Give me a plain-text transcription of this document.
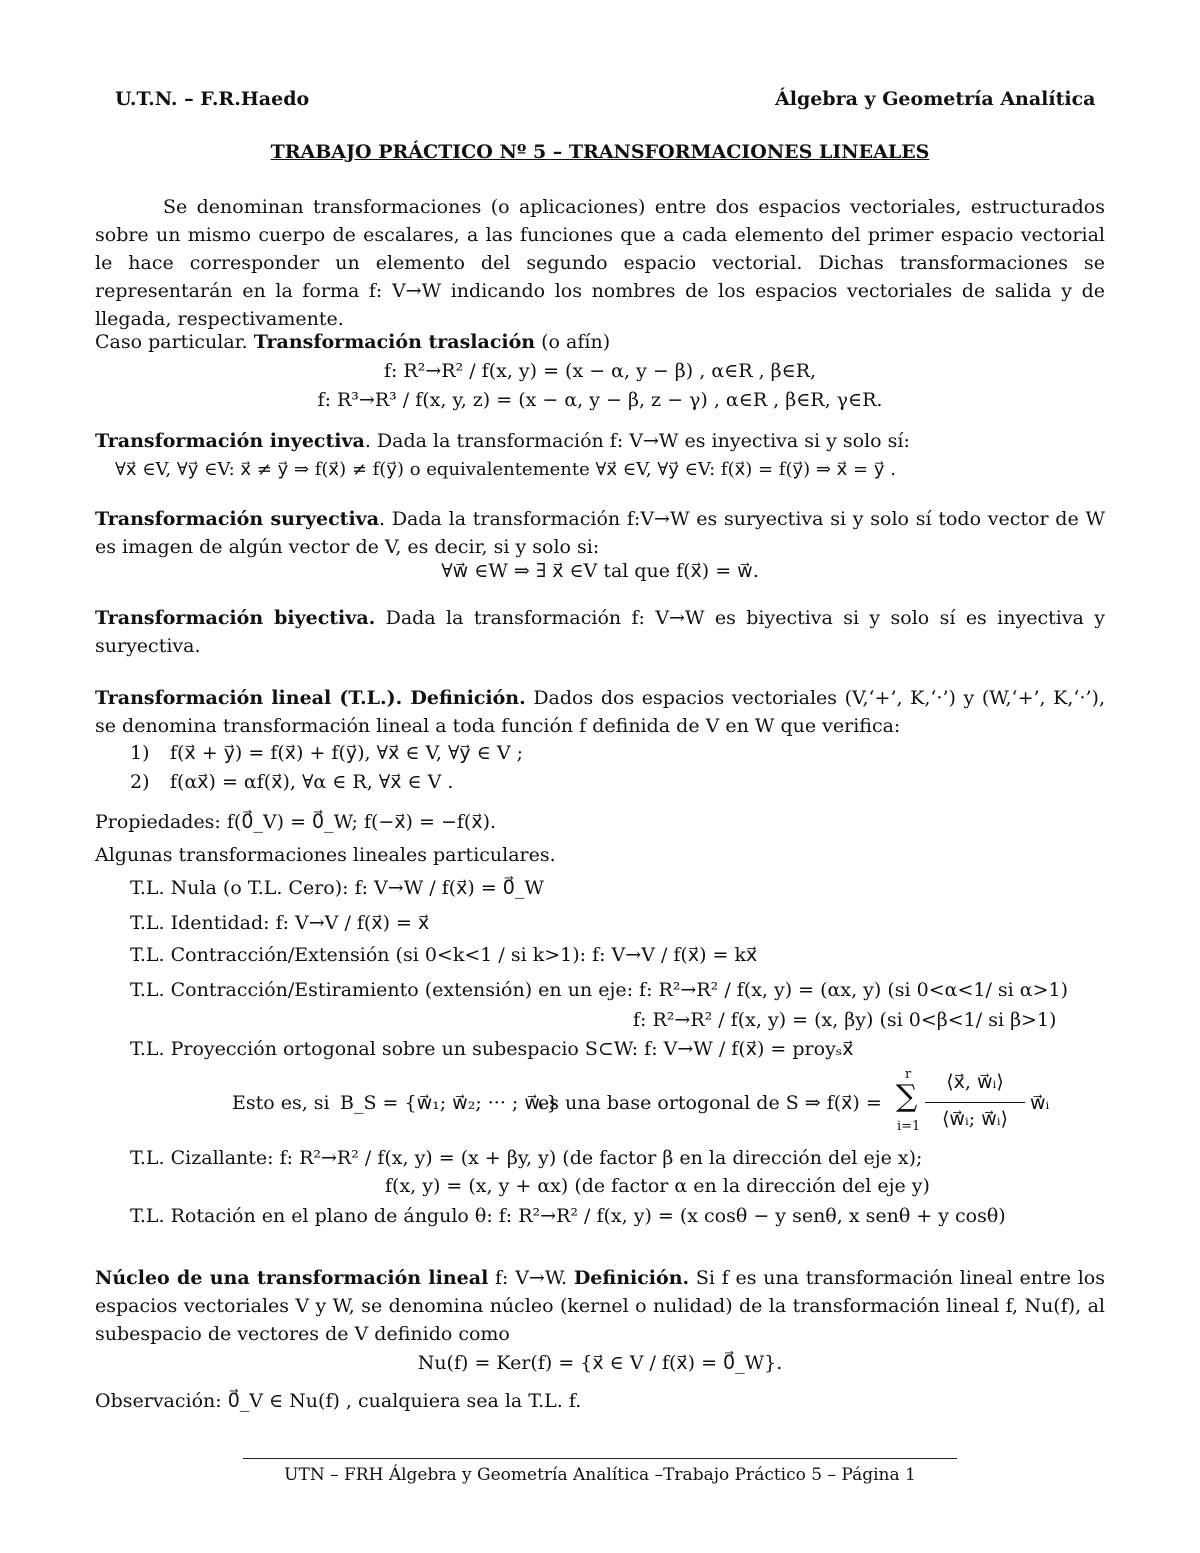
U.T.N. – F.R.Haedo	Álgebra y Geometría Analítica
TRABAJO PRÁCTICO Nº 5 – TRANSFORMACIONES LINEALES
Se denominan transformaciones (o aplicaciones) entre dos espacios vectoriales, estructurados sobre un mismo cuerpo de escalares, a las funciones que a cada elemento del primer espacio vectorial le hace corresponder un elemento del segundo espacio vectorial. Dichas transformaciones se representarán en la forma f: V→W indicando los nombres de los espacios vectoriales de salida y de llegada, respectivamente.
Caso particular. Transformación traslación (o afín)
f: R²→R² / f(x, y) = (x − α, y − β) , α∈R , β∈R,
f: R³→R³ / f(x, y, z) = (x − α, y − β, z − γ) , α∈R , β∈R, γ∈R.
Transformación inyectiva. Dada la transformación f: V→W es inyectiva si y solo sí:
∀x⃗ ∈V, ∀y⃗ ∈V: x⃗ ≠ y⃗ ⇒ f(x⃗) ≠ f(y⃗) o equivalentemente ∀x⃗ ∈V, ∀y⃗ ∈V: f(x⃗) = f(y⃗) ⇒ x⃗ = y⃗ .
Transformación suryectiva. Dada la transformación f:V→W es suryectiva si y solo sí todo vector de W es imagen de algún vector de V, es decir, si y solo si:
∀w⃗ ∈W ⇒ ∃ x⃗ ∈V tal que f(x⃗) = w⃗.
Transformación biyectiva. Dada la transformación f: V→W es biyectiva si y solo sí es inyectiva y suryectiva.
Transformación lineal (T.L.). Definición. Dados dos espacios vectoriales (V,‘+’, K,‘·’) y (W,‘+’, K,‘·’), se denomina transformación lineal a toda función f definida de V en W que verifica:
1) f(x⃗ + y⃗) = f(x⃗) + f(y⃗), ∀x⃗ ∈ V, ∀y⃗ ∈ V ;
2) f(αx⃗) = αf(x⃗), ∀α ∈ R, ∀x⃗ ∈ V .
Propiedades: f(0⃗_V) = 0⃗_W; f(−x⃗) = −f(x⃗).
Algunas transformaciones lineales particulares.
T.L. Nula (o T.L. Cero): f: V→W / f(x⃗) = 0⃗_W
T.L. Identidad: f: V→V / f(x⃗) = x⃗
T.L. Contracción/Extensión (si 0<k<1 / si k>1): f: V→V / f(x⃗) = kx⃗
T.L. Contracción/Estiramiento (extensión) en un eje: f: R²→R² / f(x, y) = (αx, y) (si 0<α<1/ si α>1)
f: R²→R² / f(x, y) = (x, βy) (si 0<β<1/ si β>1)
T.L. Proyección ortogonal sobre un subespacio S⊂W: f: V→W / f(x⃗) = proyₛx⃗
Esto es, si B_S = {w⃗₁; w⃗₂; ··· ; w⃗ᵣ}
es una base ortogonal de S ⇒ f(x⃗) =
r
∑
i=1
⟨x⃗, w⃗ᵢ⟩
⟨w⃗ᵢ; w⃗ᵢ⟩
w⃗ᵢ
T.L. Cizallante: f: R²→R² / f(x, y) = (x + βy, y) (de factor β en la dirección del eje x);
f(x, y) = (x, y + αx) (de factor α en la dirección del eje y)
T.L. Rotación en el plano de ángulo θ: f: R²→R² / f(x, y) = (x cosθ − y senθ, x senθ + y cosθ)
Núcleo de una transformación lineal f: V→W. Definición. Si f es una transformación lineal entre los espacios vectoriales V y W, se denomina núcleo (kernel o nulidad) de la transformación lineal f, Nu(f), al subespacio de vectores de V definido como
Nu(f) = Ker(f) = {x⃗ ∈ V / f(x⃗) = 0⃗_W}.
Observación: 0⃗_V ∈ Nu(f) , cualquiera sea la T.L. f.
UTN – FRH Álgebra y Geometría Analítica –Trabajo Práctico 5 – Página 1
